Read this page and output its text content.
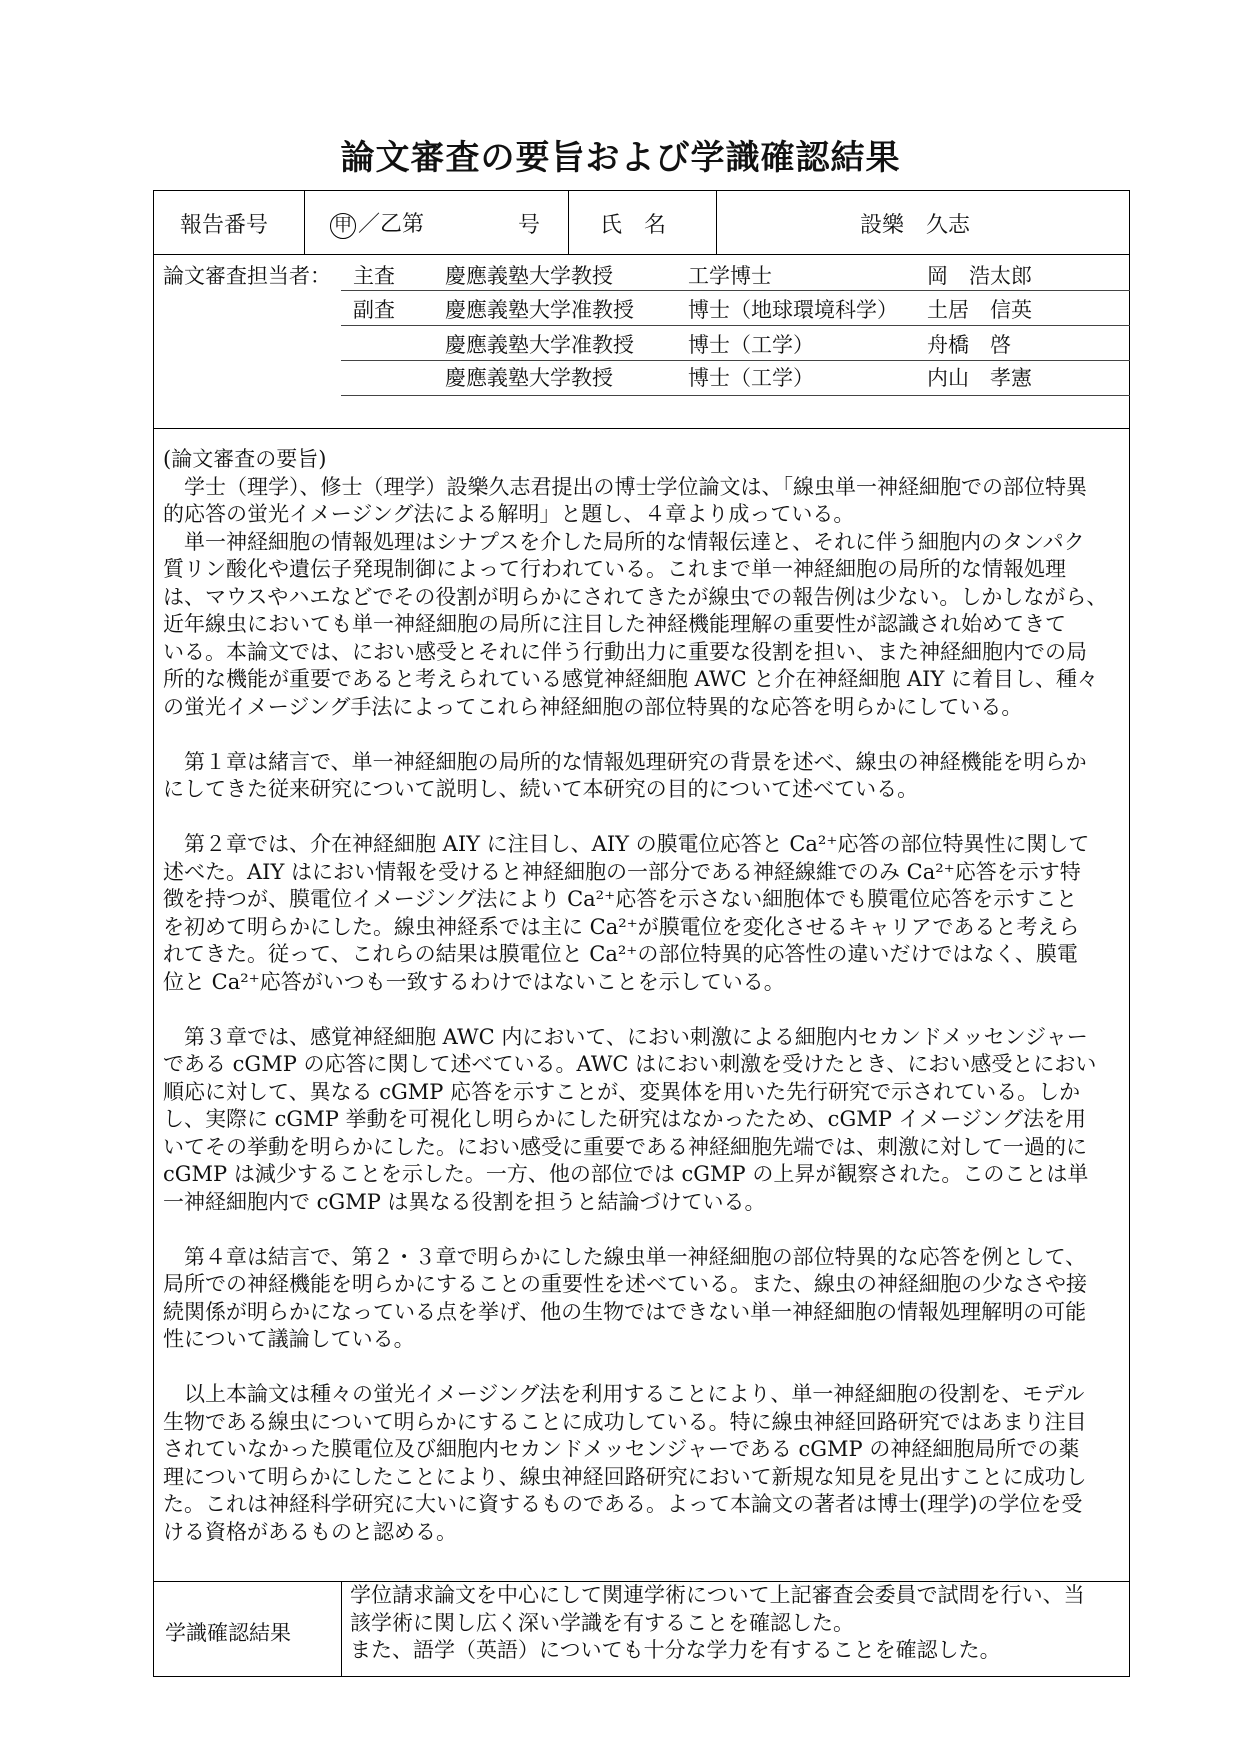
論文審査の要旨および学識確認結果
報告番号	甲 ／乙第	号	氏　名	設樂　久志
論文審査担当者： 主査 慶應義塾大学教授	工学博士	岡　浩太郎
副査 慶應義塾大学准教授	博士（地球環境科学） 土居　信英
慶應義塾大学准教授	博士（工学）	舟橋　啓
慶應義塾大学教授	博士（工学）	内山　孝憲
(論文審査の要旨)
　学士（理学）、修士（理学）設樂久志君提出の博士学位論文は、「線虫単一神経細胞での部位特異
的応答の蛍光イメージング法による解明」と題し、４章より成っている。
　単一神経細胞の情報処理はシナプスを介した局所的な情報伝達と、それに伴う細胞内のタンパク
質リン酸化や遺伝子発現制御によって行われている。これまで単一神経細胞の局所的な情報処理
は、マウスやハエなどでその役割が明らかにされてきたが線虫での報告例は少ない。しかしながら、
近年線虫においても単一神経細胞の局所に注目した神経機能理解の重要性が認識され始めてきて
いる。本論文では、におい感受とそれに伴う行動出力に重要な役割を担い、また神経細胞内での局
所的な機能が重要であると考えられている感覚神経細胞 AWC と介在神経細胞 AIY に着目し、種々
の蛍光イメージング手法によってこれら神経細胞の部位特異的な応答を明らかにしている。
　第１章は緒言で、単一神経細胞の局所的な情報処理研究の背景を述べ、線虫の神経機能を明らか
にしてきた従来研究について説明し、続いて本研究の目的について述べている。
　第２章では、介在神経細胞 AIY に注目し、AIY の膜電位応答と Ca²⁺応答の部位特異性に関して
述べた。AIY はにおい情報を受けると神経細胞の一部分である神経線維でのみ Ca²⁺応答を示す特
徴を持つが、膜電位イメージング法により Ca²⁺応答を示さない細胞体でも膜電位応答を示すこと
を初めて明らかにした。線虫神経系では主に Ca²⁺が膜電位を変化させるキャリアであると考えら
れてきた。従って、これらの結果は膜電位と Ca²⁺の部位特異的応答性の違いだけではなく、膜電
位と Ca²⁺応答がいつも一致するわけではないことを示している。
　第３章では、感覚神経細胞 AWC 内において、におい刺激による細胞内セカンドメッセンジャー
である cGMP の応答に関して述べている。AWC はにおい刺激を受けたとき、におい感受とにおい
順応に対して、異なる cGMP 応答を示すことが、変異体を用いた先行研究で示されている。しか
し、実際に cGMP 挙動を可視化し明らかにした研究はなかったため、cGMP イメージング法を用
いてその挙動を明らかにした。におい感受に重要である神経細胞先端では、刺激に対して一過的に
cGMP は減少することを示した。一方、他の部位では cGMP の上昇が観察された。このことは単
一神経細胞内で cGMP は異なる役割を担うと結論づけている。
　第４章は結言で、第２・３章で明らかにした線虫単一神経細胞の部位特異的な応答を例として、
局所での神経機能を明らかにすることの重要性を述べている。また、線虫の神経細胞の少なさや接
続関係が明らかになっている点を挙げ、他の生物ではできない単一神経細胞の情報処理解明の可能
性について議論している。
　以上本論文は種々の蛍光イメージング法を利用することにより、単一神経細胞の役割を、モデル
生物である線虫について明らかにすることに成功している。特に線虫神経回路研究ではあまり注目
されていなかった膜電位及び細胞内セカンドメッセンジャーである cGMP の神経細胞局所での薬
理について明らかにしたことにより、線虫神経回路研究において新規な知見を見出すことに成功し
た。これは神経科学研究に大いに資するものである。よって本論文の著者は博士(理学)の学位を受
ける資格があるものと認める。
学識確認結果
学位請求論文を中心にして関連学術について上記審査会委員で試問を行い、当
該学術に関し広く深い学識を有することを確認した。
また、語学（英語）についても十分な学力を有することを確認した。
